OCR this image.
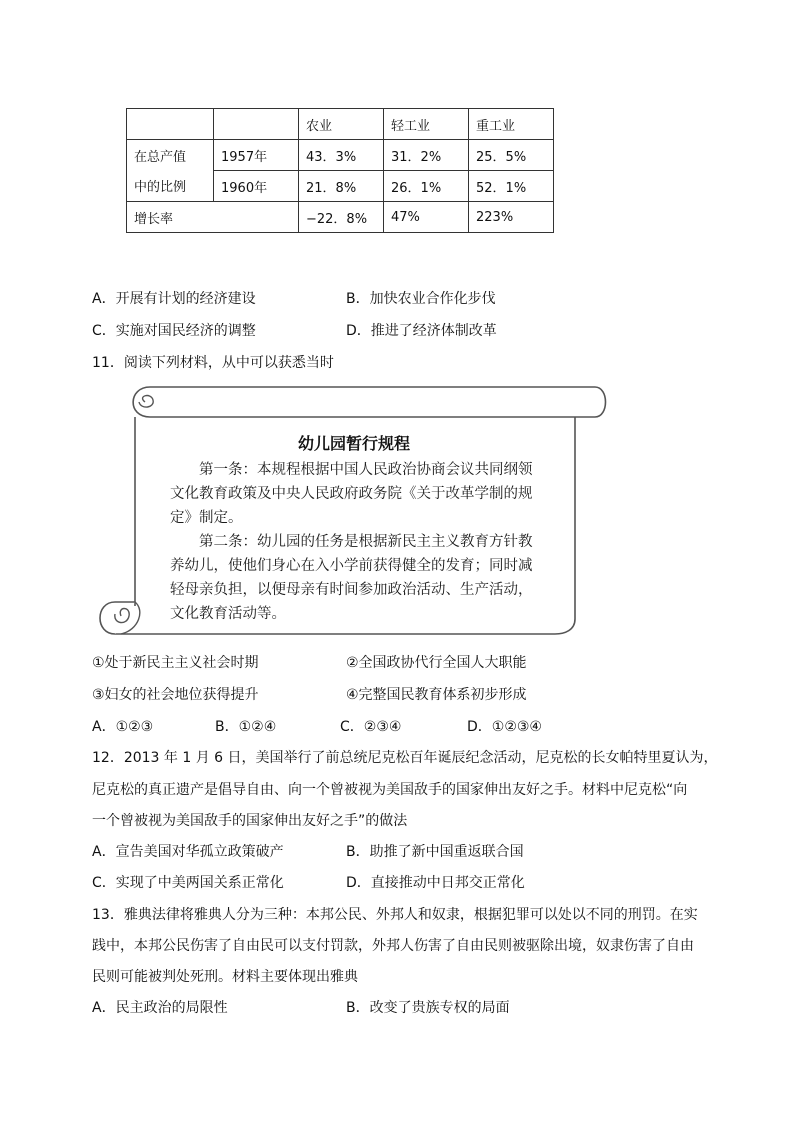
		农业	轻工业	重工业
在总产值	1957年	43．3%	31．2%	25．5%
中的比例	1960年	21．8%	26．1%	52．1%
增长率		−22．8%	47%	223%
A．开展有计划的经济建设	B．加快农业合作化步伐
C．实施对国民经济的调整	D．推进了经济体制改革
11．阅读下列材料，从中可以获悉当时
幼儿园暂行规程
　　第一条：本规程根据中国人民政治协商会议共同纲领
文化教育政策及中央人民政府政务院《关于改革学制的规
定》制定。
　　第二条：幼儿园的任务是根据新民主主义教育方针教
养幼儿，使他们身心在入小学前获得健全的发育；同时减
轻母亲负担，以便母亲有时间参加政治活动、生产活动，
文化教育活动等。
①处于新民主主义社会时期	②全国政协代行全国人大职能
③妇女的社会地位获得提升	④完整国民教育体系初步形成
A．①②③	B．①②④	C．②③④	D．①②③④
12．2013 年 1 月 6 日，美国举行了前总统尼克松百年诞辰纪念活动，尼克松的长女帕特里夏认为，
尼克松的真正遗产是倡导自由、向一个曾被视为美国敌手的国家伸出友好之手。材料中尼克松“向
一个曾被视为美国敌手的国家伸出友好之手”的做法
A．宣告美国对华孤立政策破产	B．助推了新中国重返联合国
C．实现了中美两国关系正常化	D．直接推动中日邦交正常化
13．雅典法律将雅典人分为三种：本邦公民、外邦人和奴隶，根据犯罪可以处以不同的刑罚。在实
践中，本邦公民伤害了自由民可以支付罚款，外邦人伤害了自由民则被驱除出境，奴隶伤害了自由
民则可能被判处死刑。材料主要体现出雅典
A．民主政治的局限性	B．改变了贵族专权的局面
